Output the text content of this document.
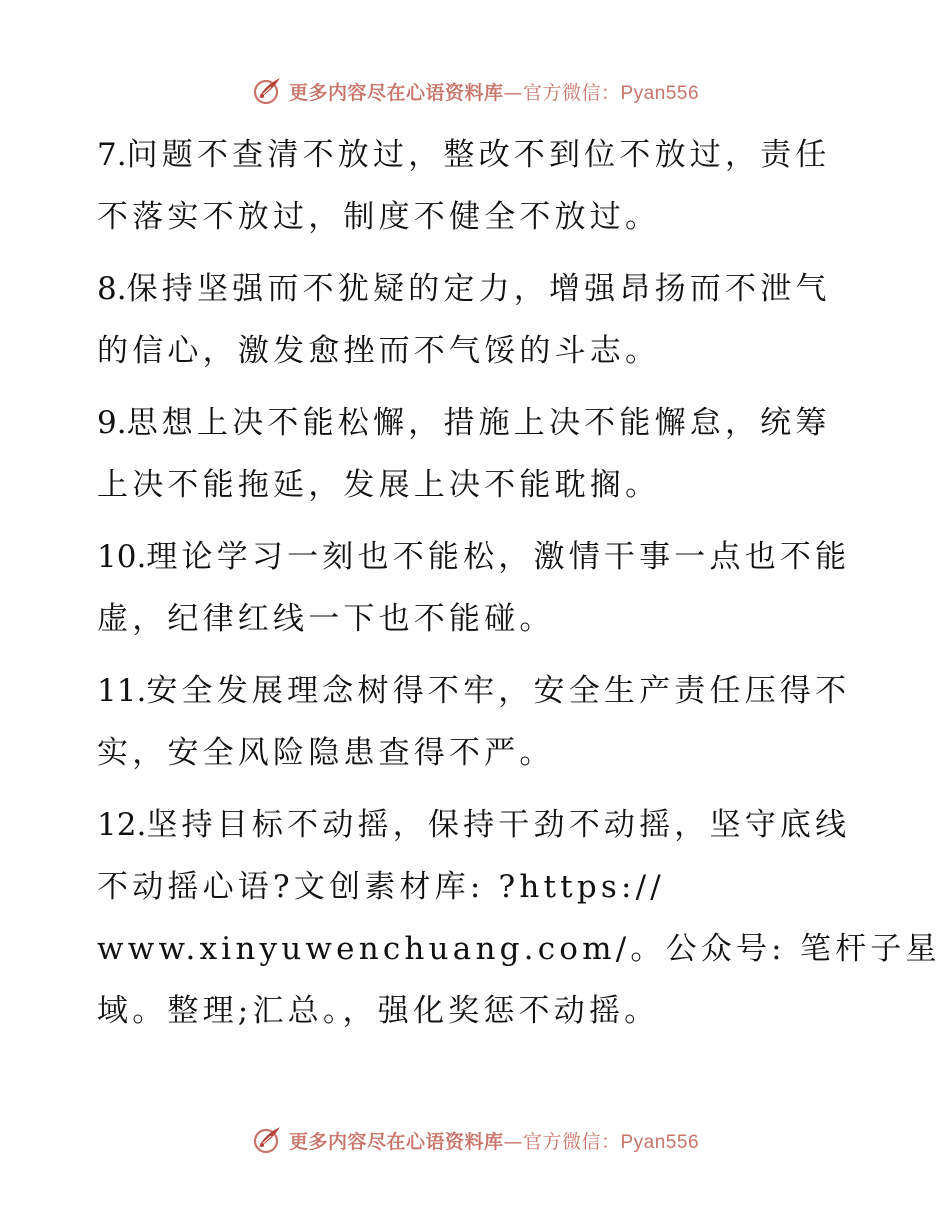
更多内容尽在心语资料库—官方微信：Pyan556

7.问题不查清不放过，整改不到位不放过，责任
不落实不放过，制度不健全不放过。

8.保持坚强而不犹疑的定力，增强昂扬而不泄气
的信心，激发愈挫而不气馁的斗志。

9.思想上决不能松懈，措施上决不能懈怠，统筹
上决不能拖延，发展上决不能耽搁。

10.理论学习一刻也不能松，激情干事一点也不能
虚，纪律红线一下也不能碰。

11.安全发展理念树得不牢，安全生产责任压得不
实，安全风险隐患查得不严。

12.坚持目标不动摇，保持干劲不动摇，坚守底线
不动摇心语?文创素材库: ?https://
www.xinyuwenchuang.com/。公众号: 笔杆子星
域。整理;汇总。，强化奖惩不动摇。

更多内容尽在心语资料库—官方微信：Pyan556
